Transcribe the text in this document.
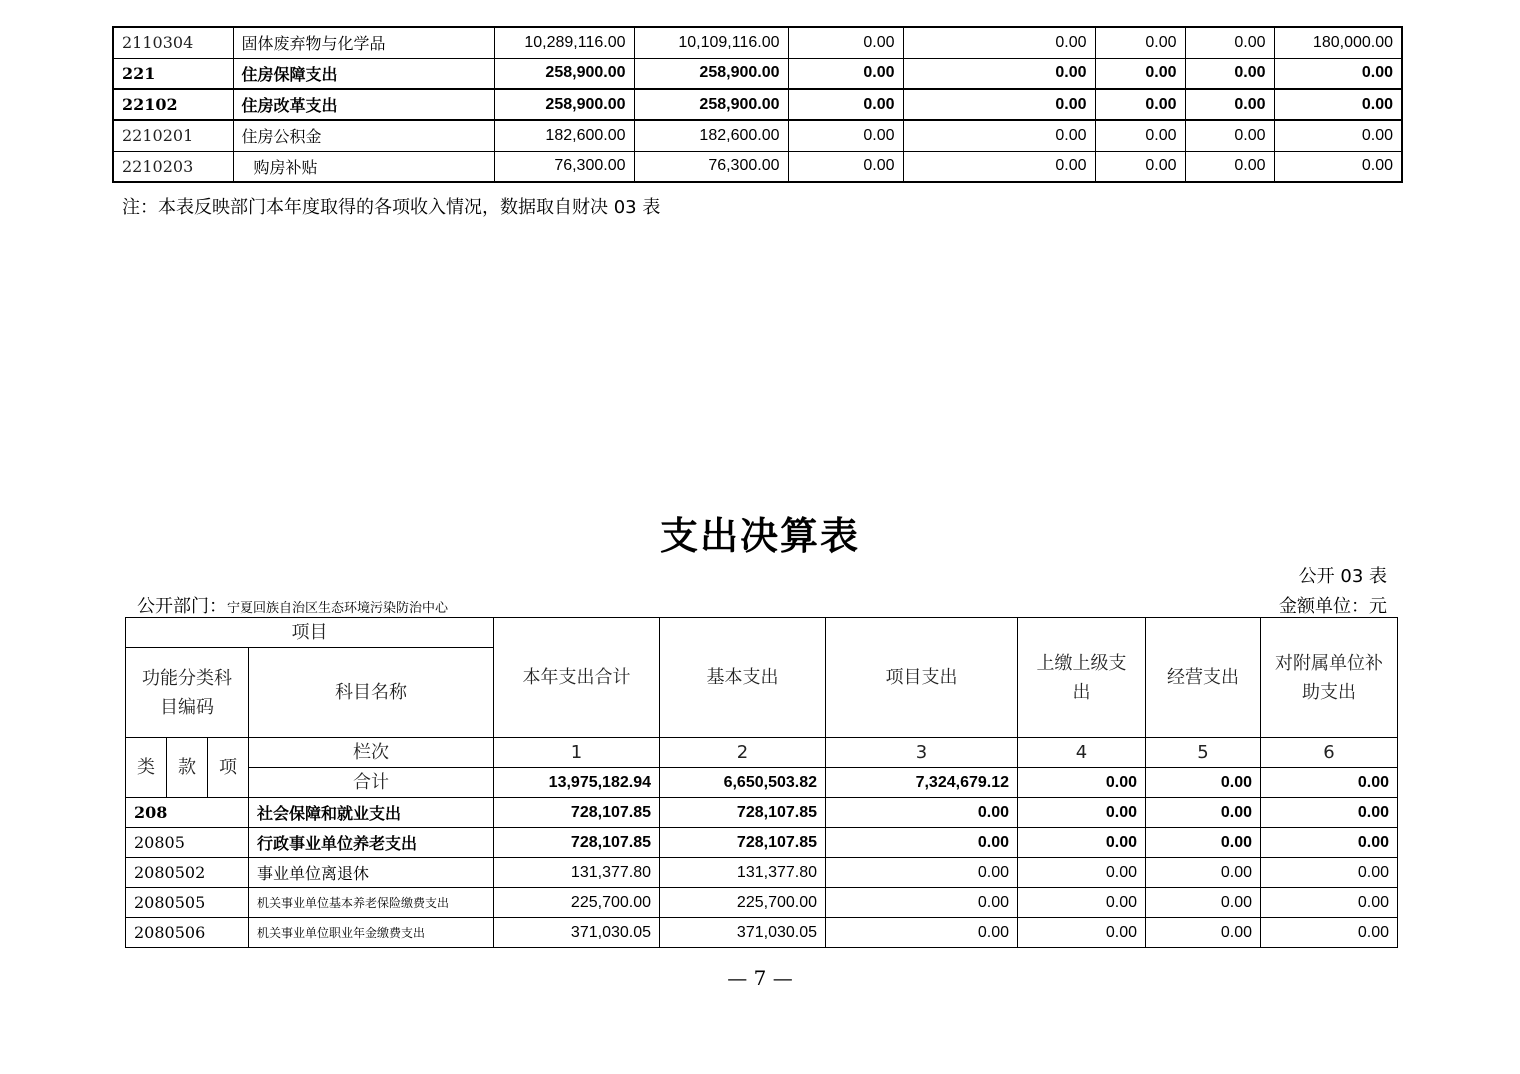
2110304	固体废弃物与化学品	10,289,116.00	10,109,116.00	0.00	0.00	0.00	0.00	180,000.00
221	住房保障支出	258,900.00	258,900.00	0.00	0.00	0.00	0.00	0.00
22102	住房改革支出	258,900.00	258,900.00	0.00	0.00	0.00	0.00	0.00
2210201	住房公积金	182,600.00	182,600.00	0.00	0.00	0.00	0.00	0.00
2210203	购房补贴	76,300.00	76,300.00	0.00	0.00	0.00	0.00	0.00
注：本表反映部门本年度取得的各项收入情况，数据取自财决 03 表
支出决算表
公开 03 表
公开部门：宁夏回族自治区生态环境污染防治中心	金额单位：元
项目				本年支出合计	基本支出	项目支出	上缴上级支出	经营支出	对附属单位补助支出
功能分类科目编码			科目名称						
类	款	项	栏次	1	2	3	4	5	6
			合计	13,975,182.94	6,650,503.82	7,324,679.12	0.00	0.00	0.00
208			社会保障和就业支出	728,107.85	728,107.85	0.00	0.00	0.00	0.00
20805			行政事业单位养老支出	728,107.85	728,107.85	0.00	0.00	0.00	0.00
2080502			事业单位离退休	131,377.80	131,377.80	0.00	0.00	0.00	0.00
2080505			机关事业单位基本养老保险缴费支出	225,700.00	225,700.00	0.00	0.00	0.00	0.00
2080506			机关事业单位职业年金缴费支出	371,030.05	371,030.05	0.00	0.00	0.00	0.00
— 7 —
